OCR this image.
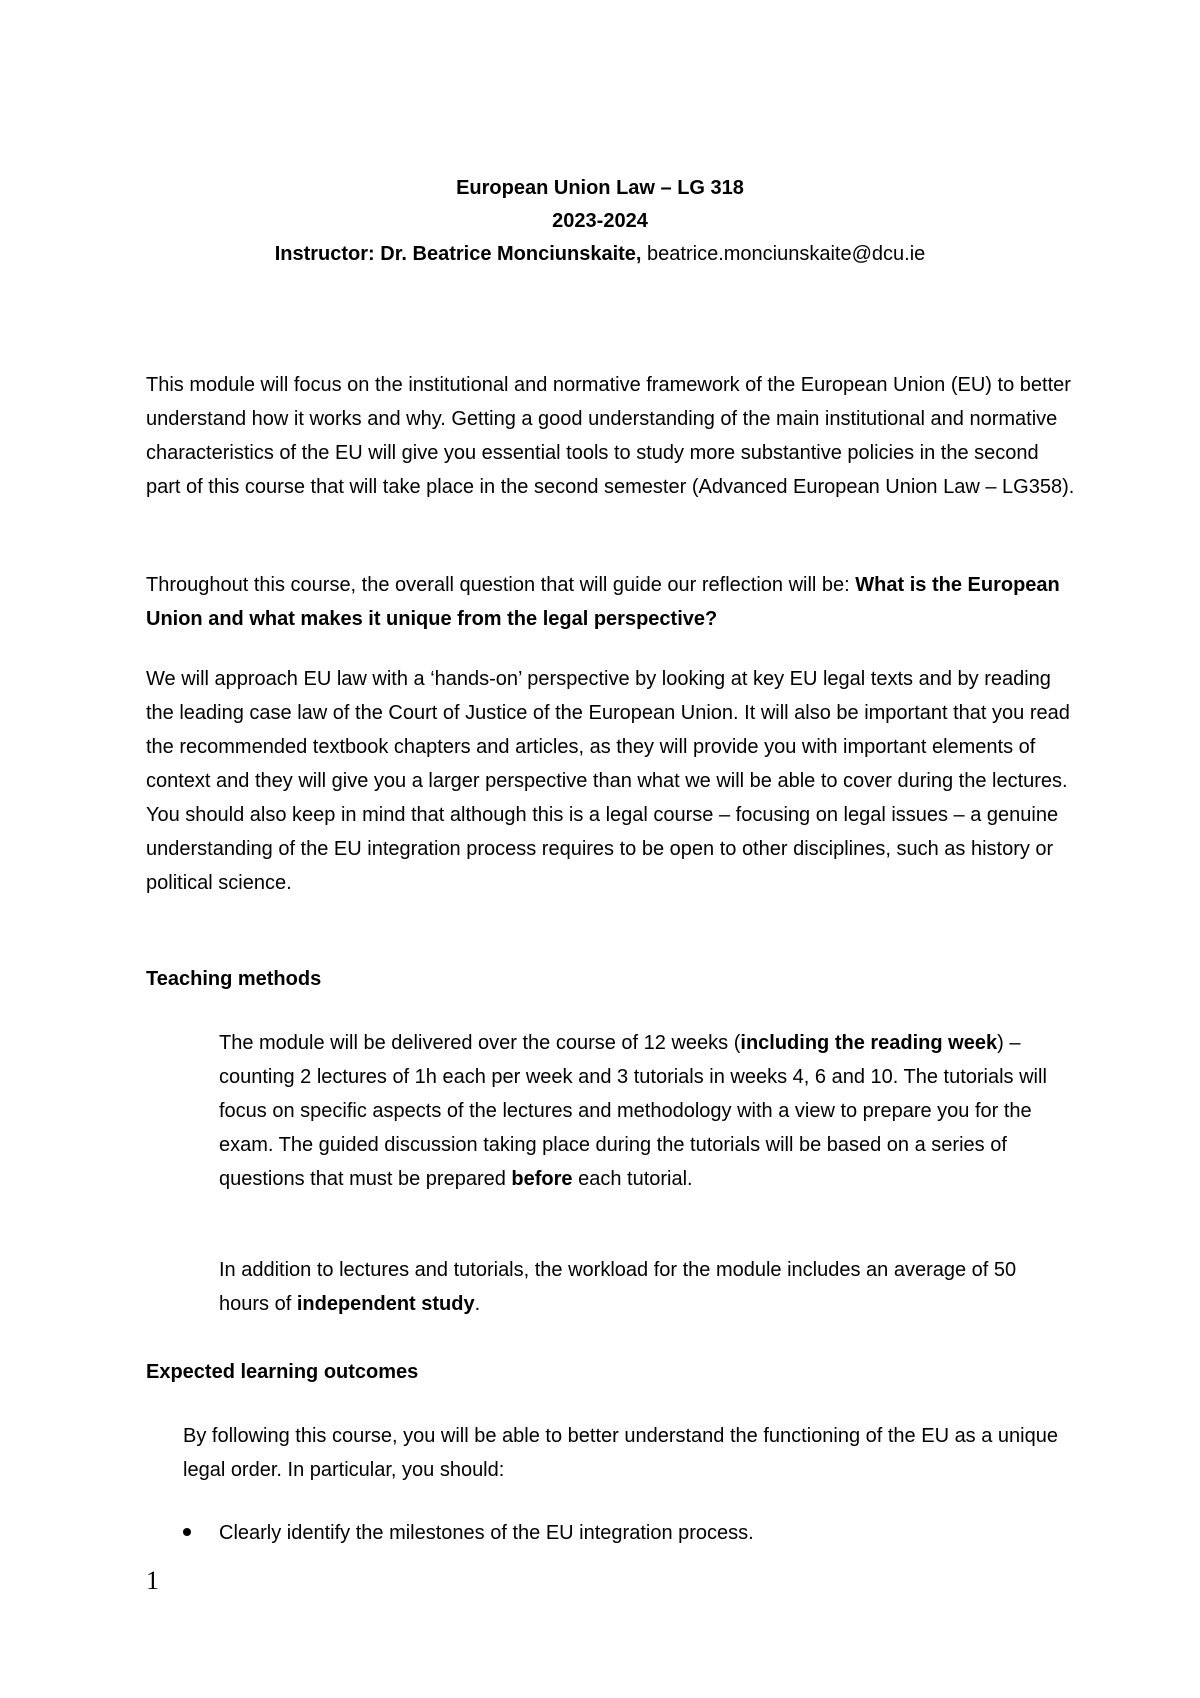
European Union Law – LG 318
2023-2024
Instructor: Dr. Beatrice Monciunskaite, beatrice.monciunskaite@dcu.ie

This module will focus on the institutional and normative framework of the European Union (EU) to better understand how it works and why. Getting a good understanding of the main institutional and normative characteristics of the EU will give you essential tools to study more substantive policies in the second part of this course that will take place in the second semester (Advanced European Union Law – LG358).

Throughout this course, the overall question that will guide our reflection will be: What is the European Union and what makes it unique from the legal perspective?

We will approach EU law with a ‘hands-on’ perspective by looking at key EU legal texts and by reading the leading case law of the Court of Justice of the European Union. It will also be important that you read the recommended textbook chapters and articles, as they will provide you with important elements of context and they will give you a larger perspective than what we will be able to cover during the lectures. You should also keep in mind that although this is a legal course – focusing on legal issues – a genuine understanding of the EU integration process requires to be open to other disciplines, such as history or political science.

Teaching methods

The module will be delivered over the course of 12 weeks (including the reading week) – counting 2 lectures of 1h each per week and 3 tutorials in weeks 4, 6 and 10. The tutorials will focus on specific aspects of the lectures and methodology with a view to prepare you for the exam. The guided discussion taking place during the tutorials will be based on a series of questions that must be prepared before each tutorial.

In addition to lectures and tutorials, the workload for the module includes an average of 50 hours of independent study.

Expected learning outcomes

By following this course, you will be able to better understand the functioning of the EU as a unique legal order. In particular, you should:

Clearly identify the milestones of the EU integration process.
1
